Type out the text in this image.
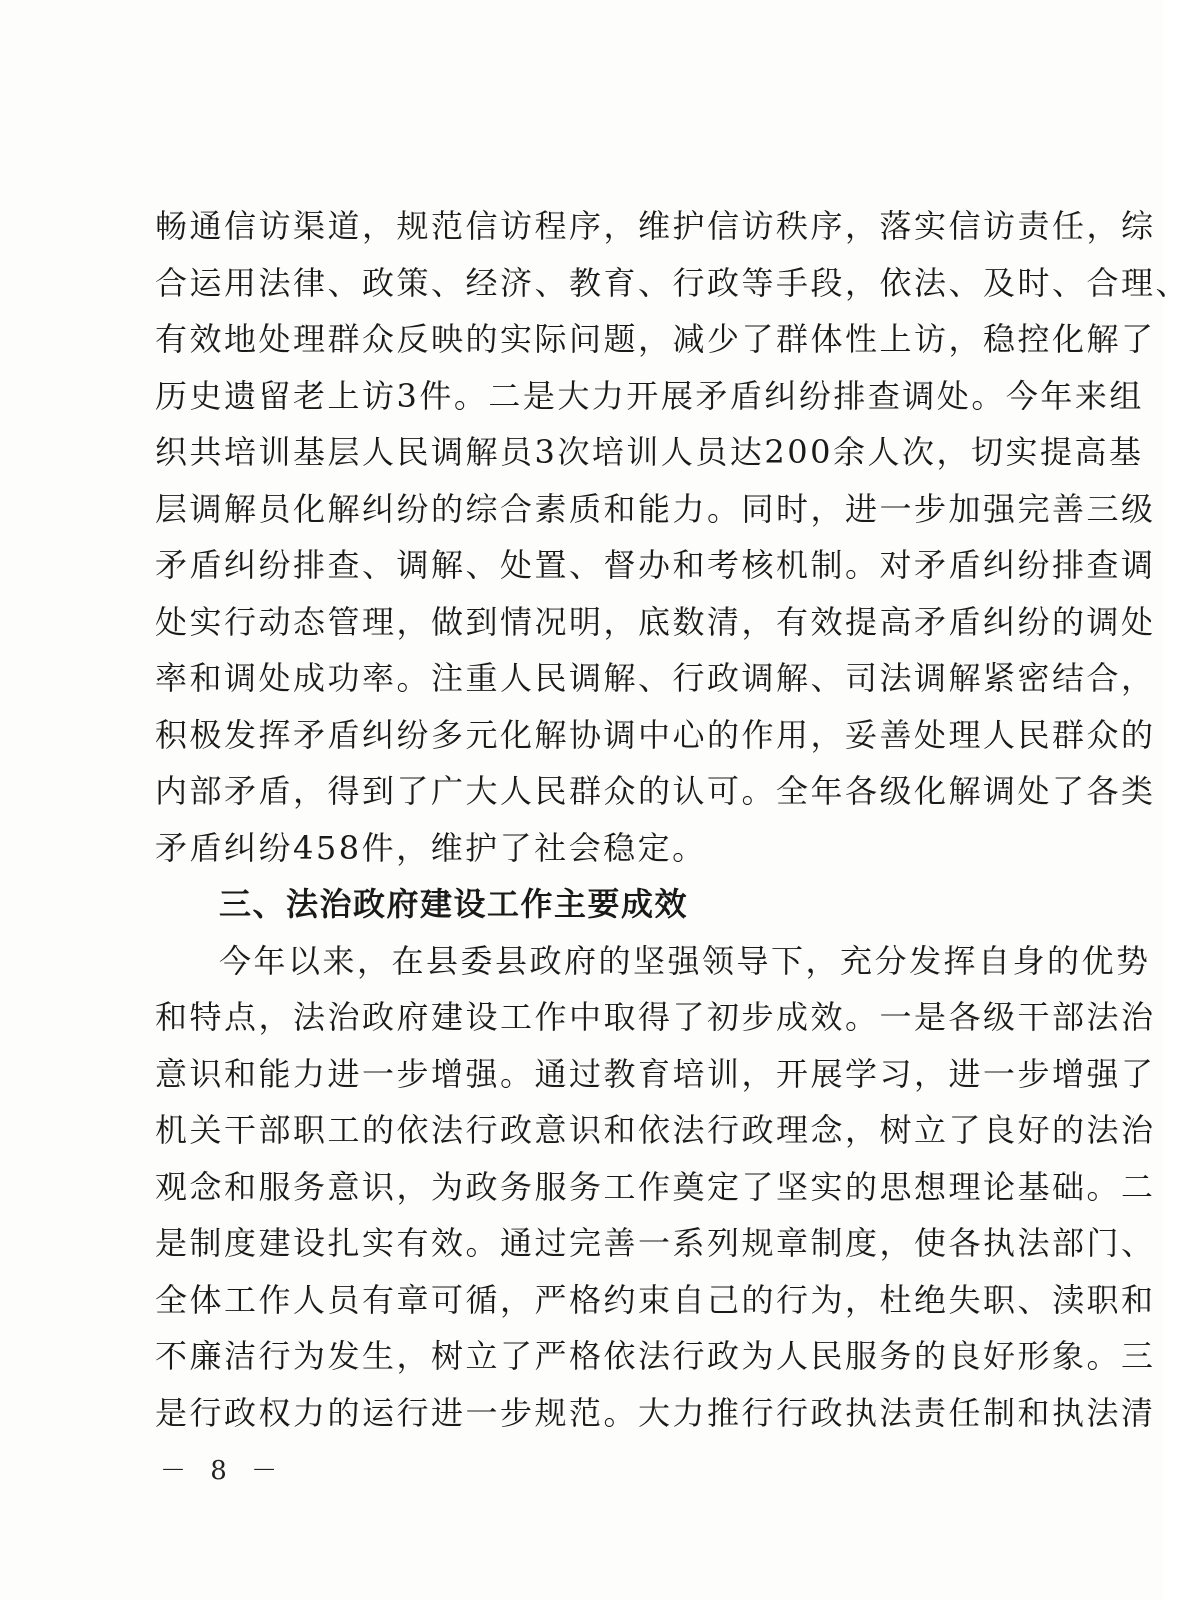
畅通信访渠道，规范信访程序，维护信访秩序，落实信访责任，综
合运用法律、政策、经济、教育、行政等手段，依法、及时、合理、
有效地处理群众反映的实际问题，减少了群体性上访，稳控化解了
历史遗留老上访3件。二是大力开展矛盾纠纷排查调处。今年来组
织共培训基层人民调解员3次培训人员达200余人次，切实提高基
层调解员化解纠纷的综合素质和能力。同时，进一步加强完善三级
矛盾纠纷排查、调解、处置、督办和考核机制。对矛盾纠纷排查调
处实行动态管理，做到情况明，底数清，有效提高矛盾纠纷的调处
率和调处成功率。注重人民调解、行政调解、司法调解紧密结合，
积极发挥矛盾纠纷多元化解协调中心的作用，妥善处理人民群众的
内部矛盾，得到了广大人民群众的认可。全年各级化解调处了各类
矛盾纠纷458件，维护了社会稳定。
三、法治政府建设工作主要成效
今年以来，在县委县政府的坚强领导下，充分发挥自身的优势
和特点，法治政府建设工作中取得了初步成效。一是各级干部法治
意识和能力进一步增强。通过教育培训，开展学习，进一步增强了
机关干部职工的依法行政意识和依法行政理念，树立了良好的法治
观念和服务意识，为政务服务工作奠定了坚实的思想理论基础。二
是制度建设扎实有效。通过完善一系列规章制度，使各执法部门、
全体工作人员有章可循，严格约束自己的行为，杜绝失职、渎职和
不廉洁行为发生，树立了严格依法行政为人民服务的良好形象。三
是行政权力的运行进一步规范。大力推行行政执法责任制和执法清
－ 8 －
